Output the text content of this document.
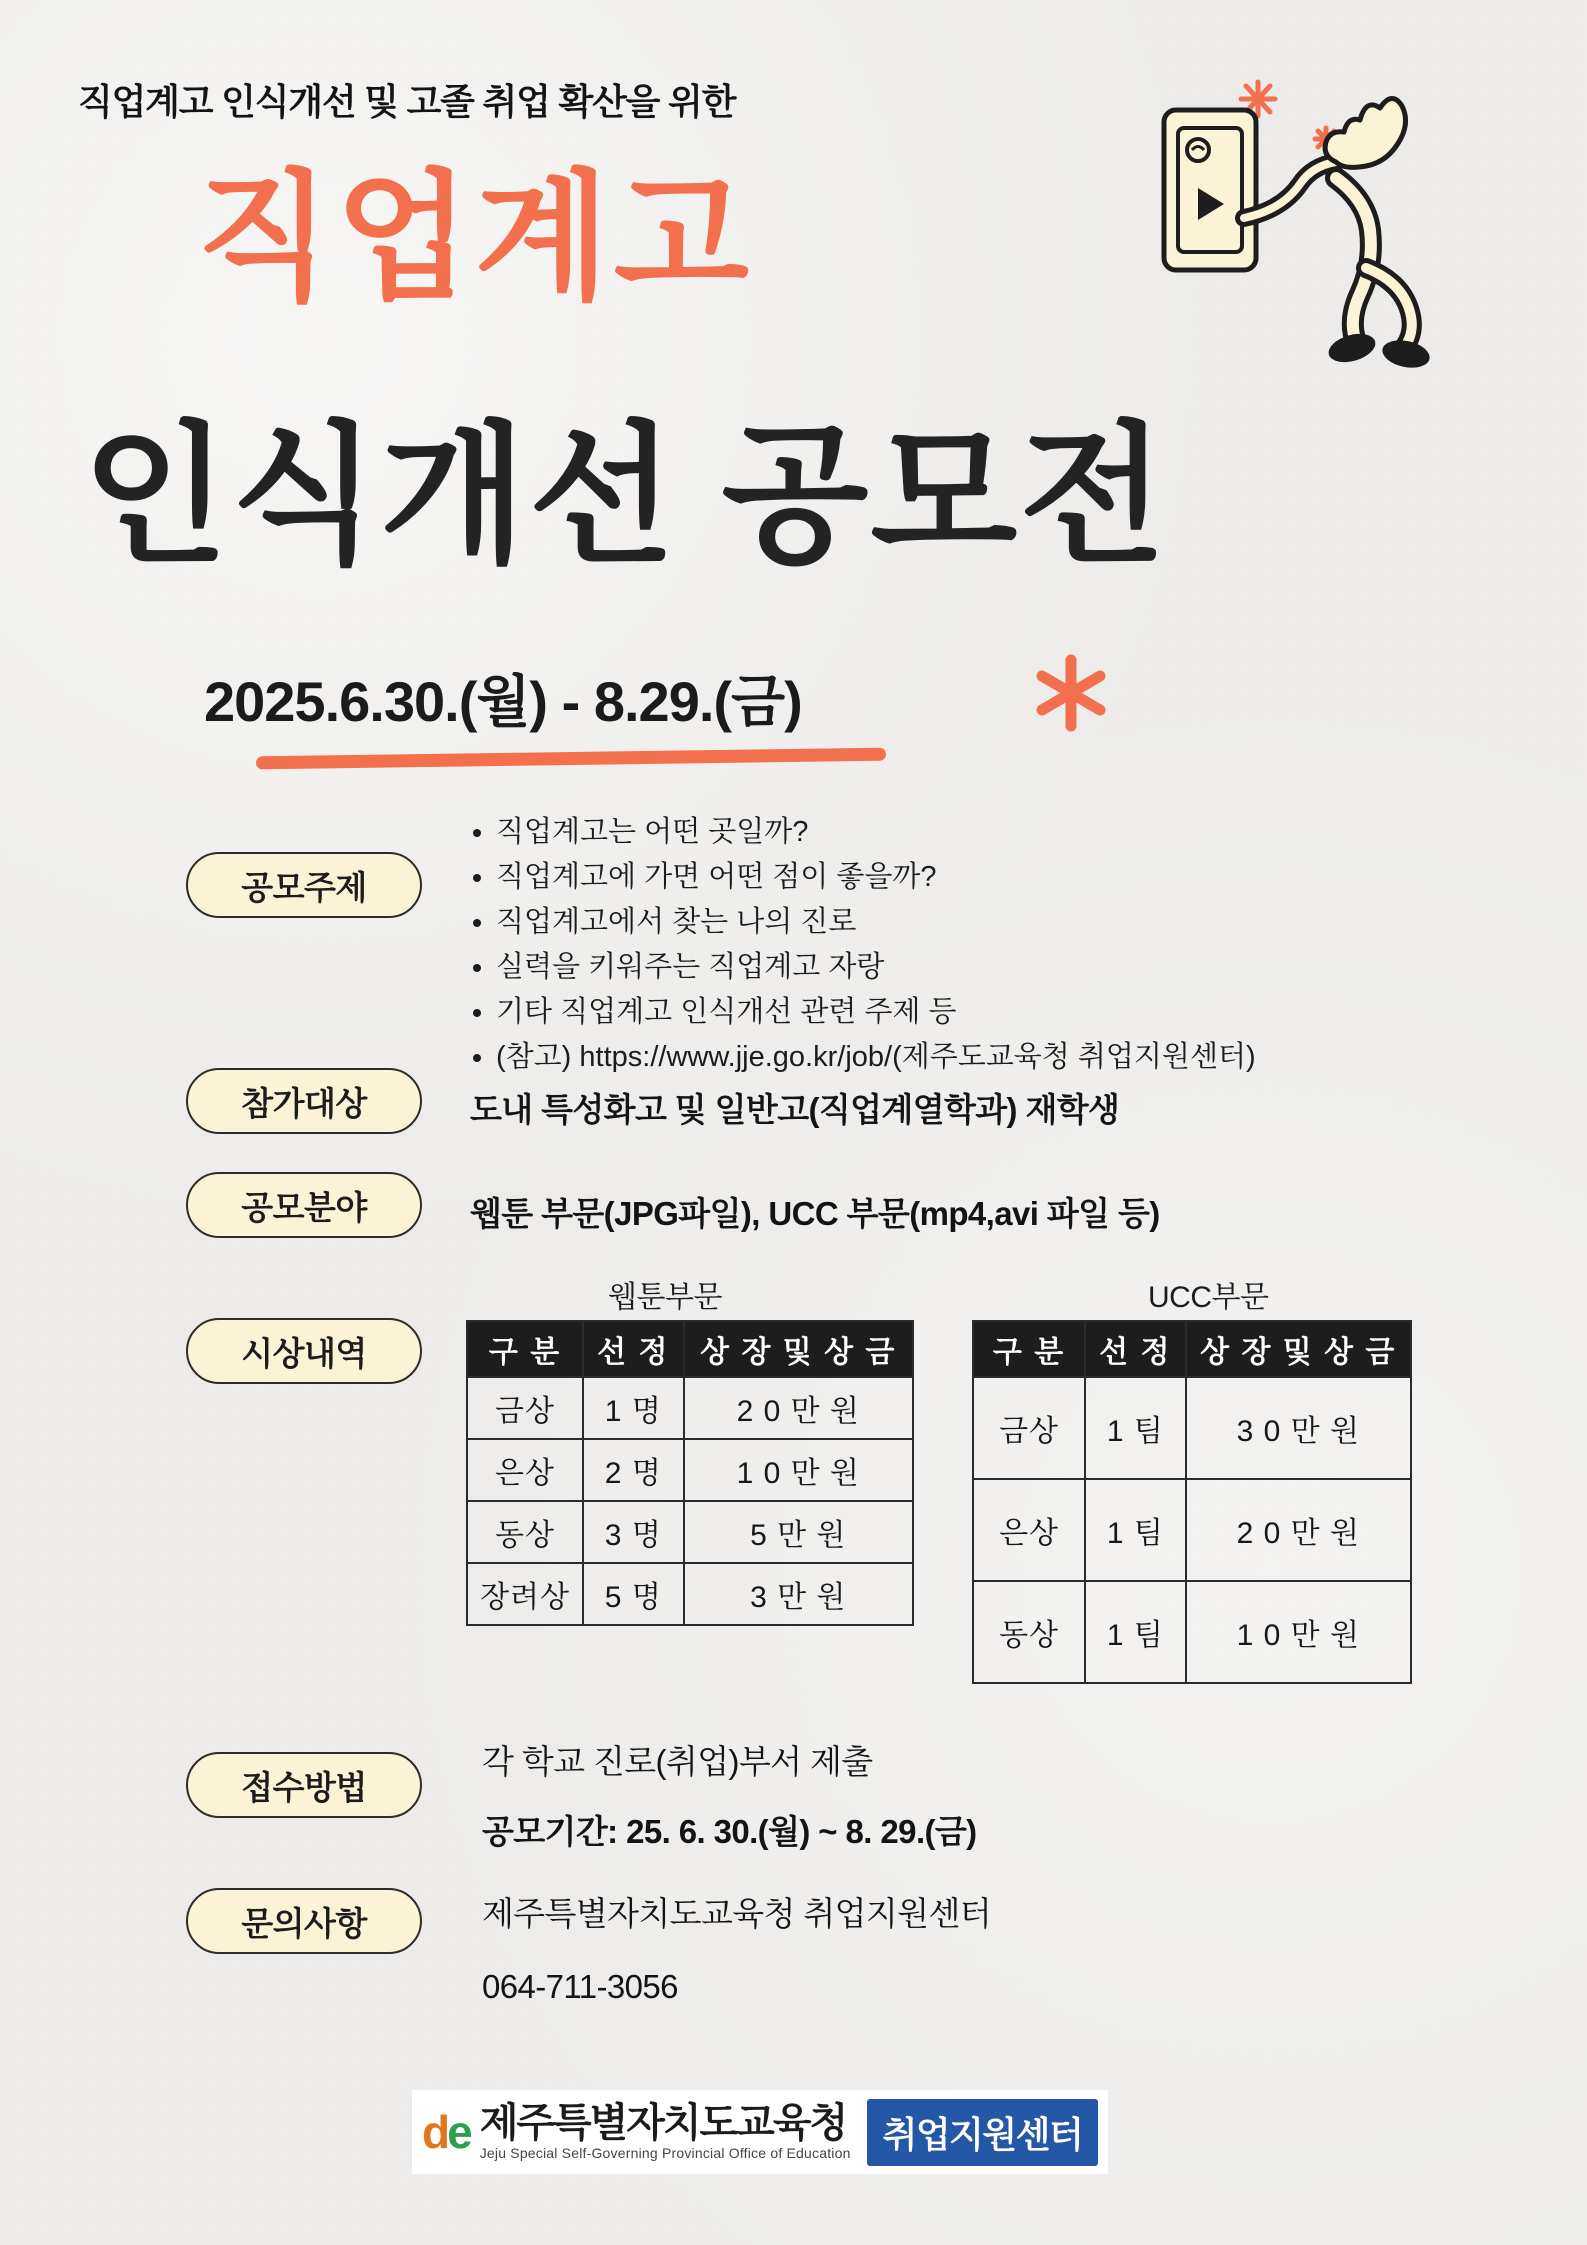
직업계고 인식개선 및 고졸 취업 확산을 위한
직업계고
인식개선 공모전
2025.6.30.(월) - 8.29.(금)
공모주제
• 직업계고는 어떤 곳일까?
• 직업계고에 가면 어떤 점이 좋을까?
• 직업계고에서 찾는 나의 진로
• 실력을 키워주는 직업계고 자랑
• 기타 직업계고 인식개선 관련 주제 등
• (참고) https://www.jje.go.kr/job/(제주도교육청 취업지원센터)
참가대상	도내 특성화고 및 일반고(직업계열학과) 재학생
공모분야	웹툰 부문(JPG파일), UCC 부문(mp4,avi 파일 등)
시상내역
웹툰부문	UCC부문
구 분	선 정	상 장 및 상 금
금상	1 명	2 0 만 원
은상	2 명	1 0 만 원
동상	3 명	5 만 원
장려상	5 명	3 만 원
구 분	선 정	상 장 및 상 금
금상	1 팀	3 0 만 원
은상	1 팀	2 0 만 원
동상	1 팀	1 0 만 원
접수방법
각 학교 진로(취업)부서 제출
공모기간: 25. 6. 30.(월) ~ 8. 29.(금)
문의사항	제주특별자치도교육청 취업지원센터
064-711-3056
de 제주특별자치도교육청
Jeju Special Self-Governing Provincial Office of Education 취업지원센터
